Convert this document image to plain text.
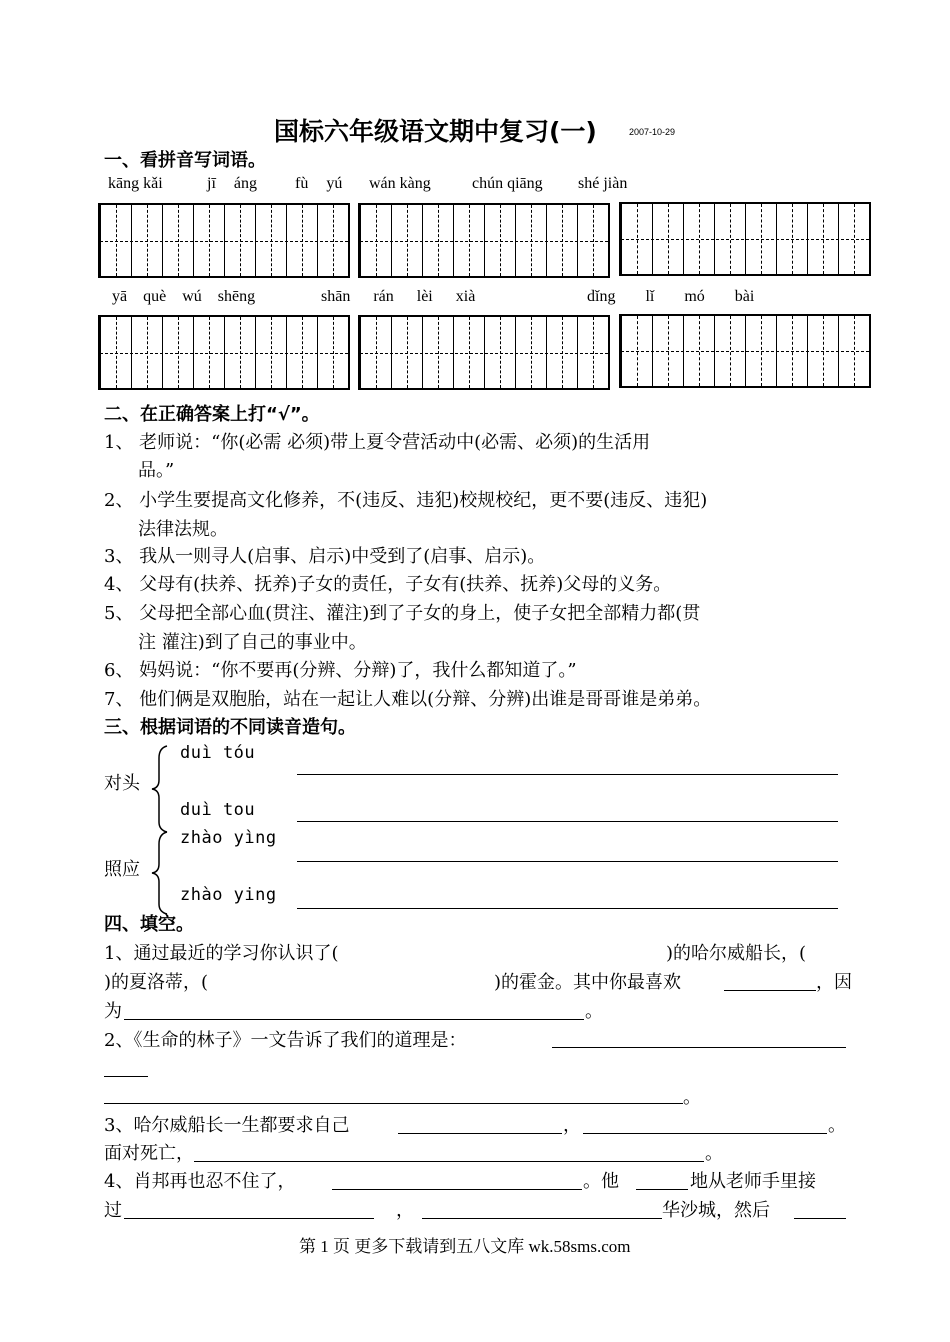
国标六年级语文期中复习(一)	2007-10-29
一、看拼音写词语。
kāng kǎi	jī áng fù yú wán kàng	chún qiāng shé jiàn
yā què wú shēng	shān rán lèi xià	dǐng lǐ mó bài
二、在正确答案上打“√”。
1、 老师说：“你(必需 必须)带上夏令营活动中(必需、必须)的生活用
品。”
2、 小学生要提高文化修养，不(违反、违犯)校规校纪，更不要(违反、违犯)
法律法规。
3、 我从一则寻人(启事、启示)中受到了(启事、启示)。
4、 父母有(扶养、抚养)子女的责任，子女有(扶养、抚养)父母的义务。
5、 父母把全部心血(贯注、灌注)到了子女的身上，使子女把全部精力都(贯
注 灌注)到了自己的事业中。
6、 妈妈说：“你不要再(分辨、分辩)了，我什么都知道了。”
7、 他们俩是双胞胎，站在一起让人难以(分辩、分辨)出谁是哥哥谁是弟弟。
三、根据词语的不同读音造句。
duì tóu
对头
duì tou
zhào yìng
照应
zhào ying
四、填空。
1、通过最近的学习你认识了(	)的哈尔威船长，(
)的夏洛蒂，(	)的霍金。其中你最喜欢	，因
为	。
2、《生命的林子》一文告诉了我们的道理是：
。
3、哈尔威船长一生都要求自己	，	。
面对死亡，	。
4、肖邦再也忍不住了，	。他	地从老师手里接
过	，	华沙城，然后
第 1 页 更多下载请到五八文库 wk.58sms.com
